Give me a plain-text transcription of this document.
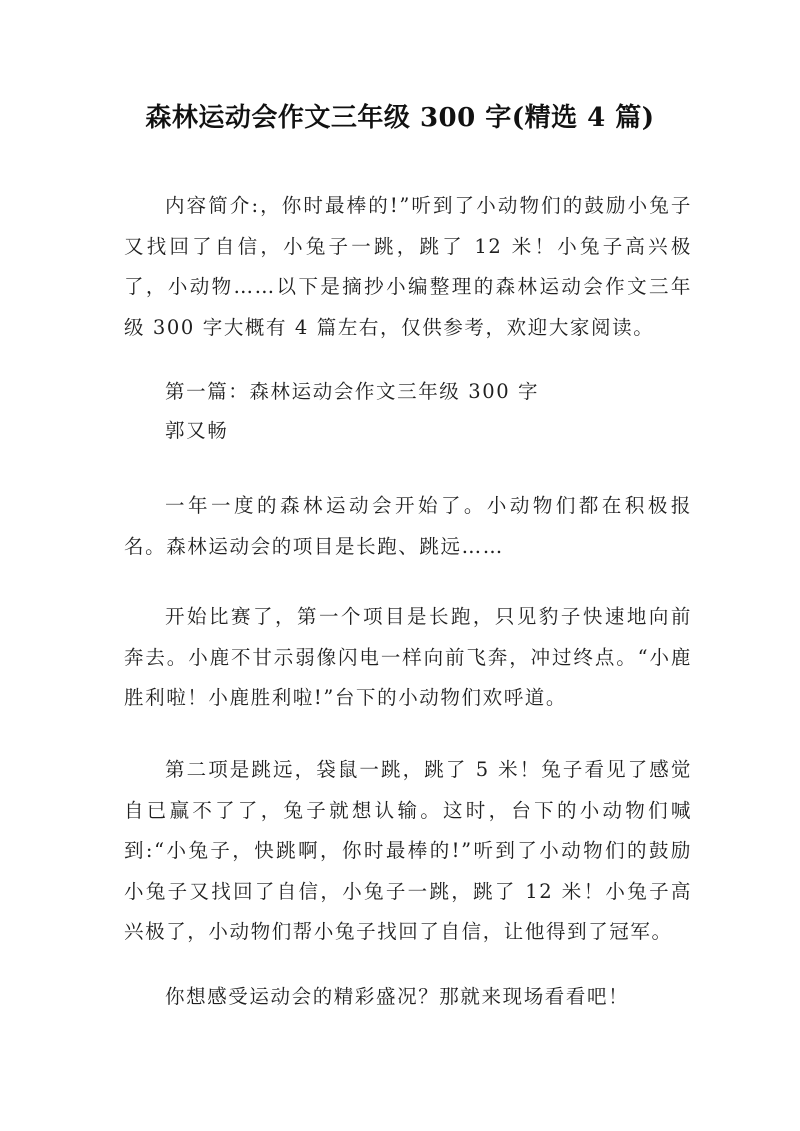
森林运动会作文三年级 300 字(精选 4 篇)
内容简介:，你时最棒的!”听到了小动物们的鼓励小兔子又找回了自信，小兔子一跳，跳了 12 米！小兔子高兴极了，小动物……以下是摘抄小编整理的森林运动会作文三年级 300 字大概有 4 篇左右，仅供参考，欢迎大家阅读。
第一篇：森林运动会作文三年级 300 字
郭又畅
一年一度的森林运动会开始了。小动物们都在积极报名。森林运动会的项目是长跑、跳远……
开始比赛了，第一个项目是长跑，只见豹子快速地向前奔去。小鹿不甘示弱像闪电一样向前飞奔，冲过终点。“小鹿胜利啦！小鹿胜利啦!”台下的小动物们欢呼道。
第二项是跳远，袋鼠一跳，跳了 5 米！兔子看见了感觉自已赢不了了，兔子就想认输。这时，台下的小动物们喊到:“小兔子，快跳啊，你时最棒的!”听到了小动物们的鼓励小兔子又找回了自信，小兔子一跳，跳了 12 米！小兔子高兴极了，小动物们帮小兔子找回了自信，让他得到了冠军。
你想感受运动会的精彩盛况？那就来现场看看吧！
